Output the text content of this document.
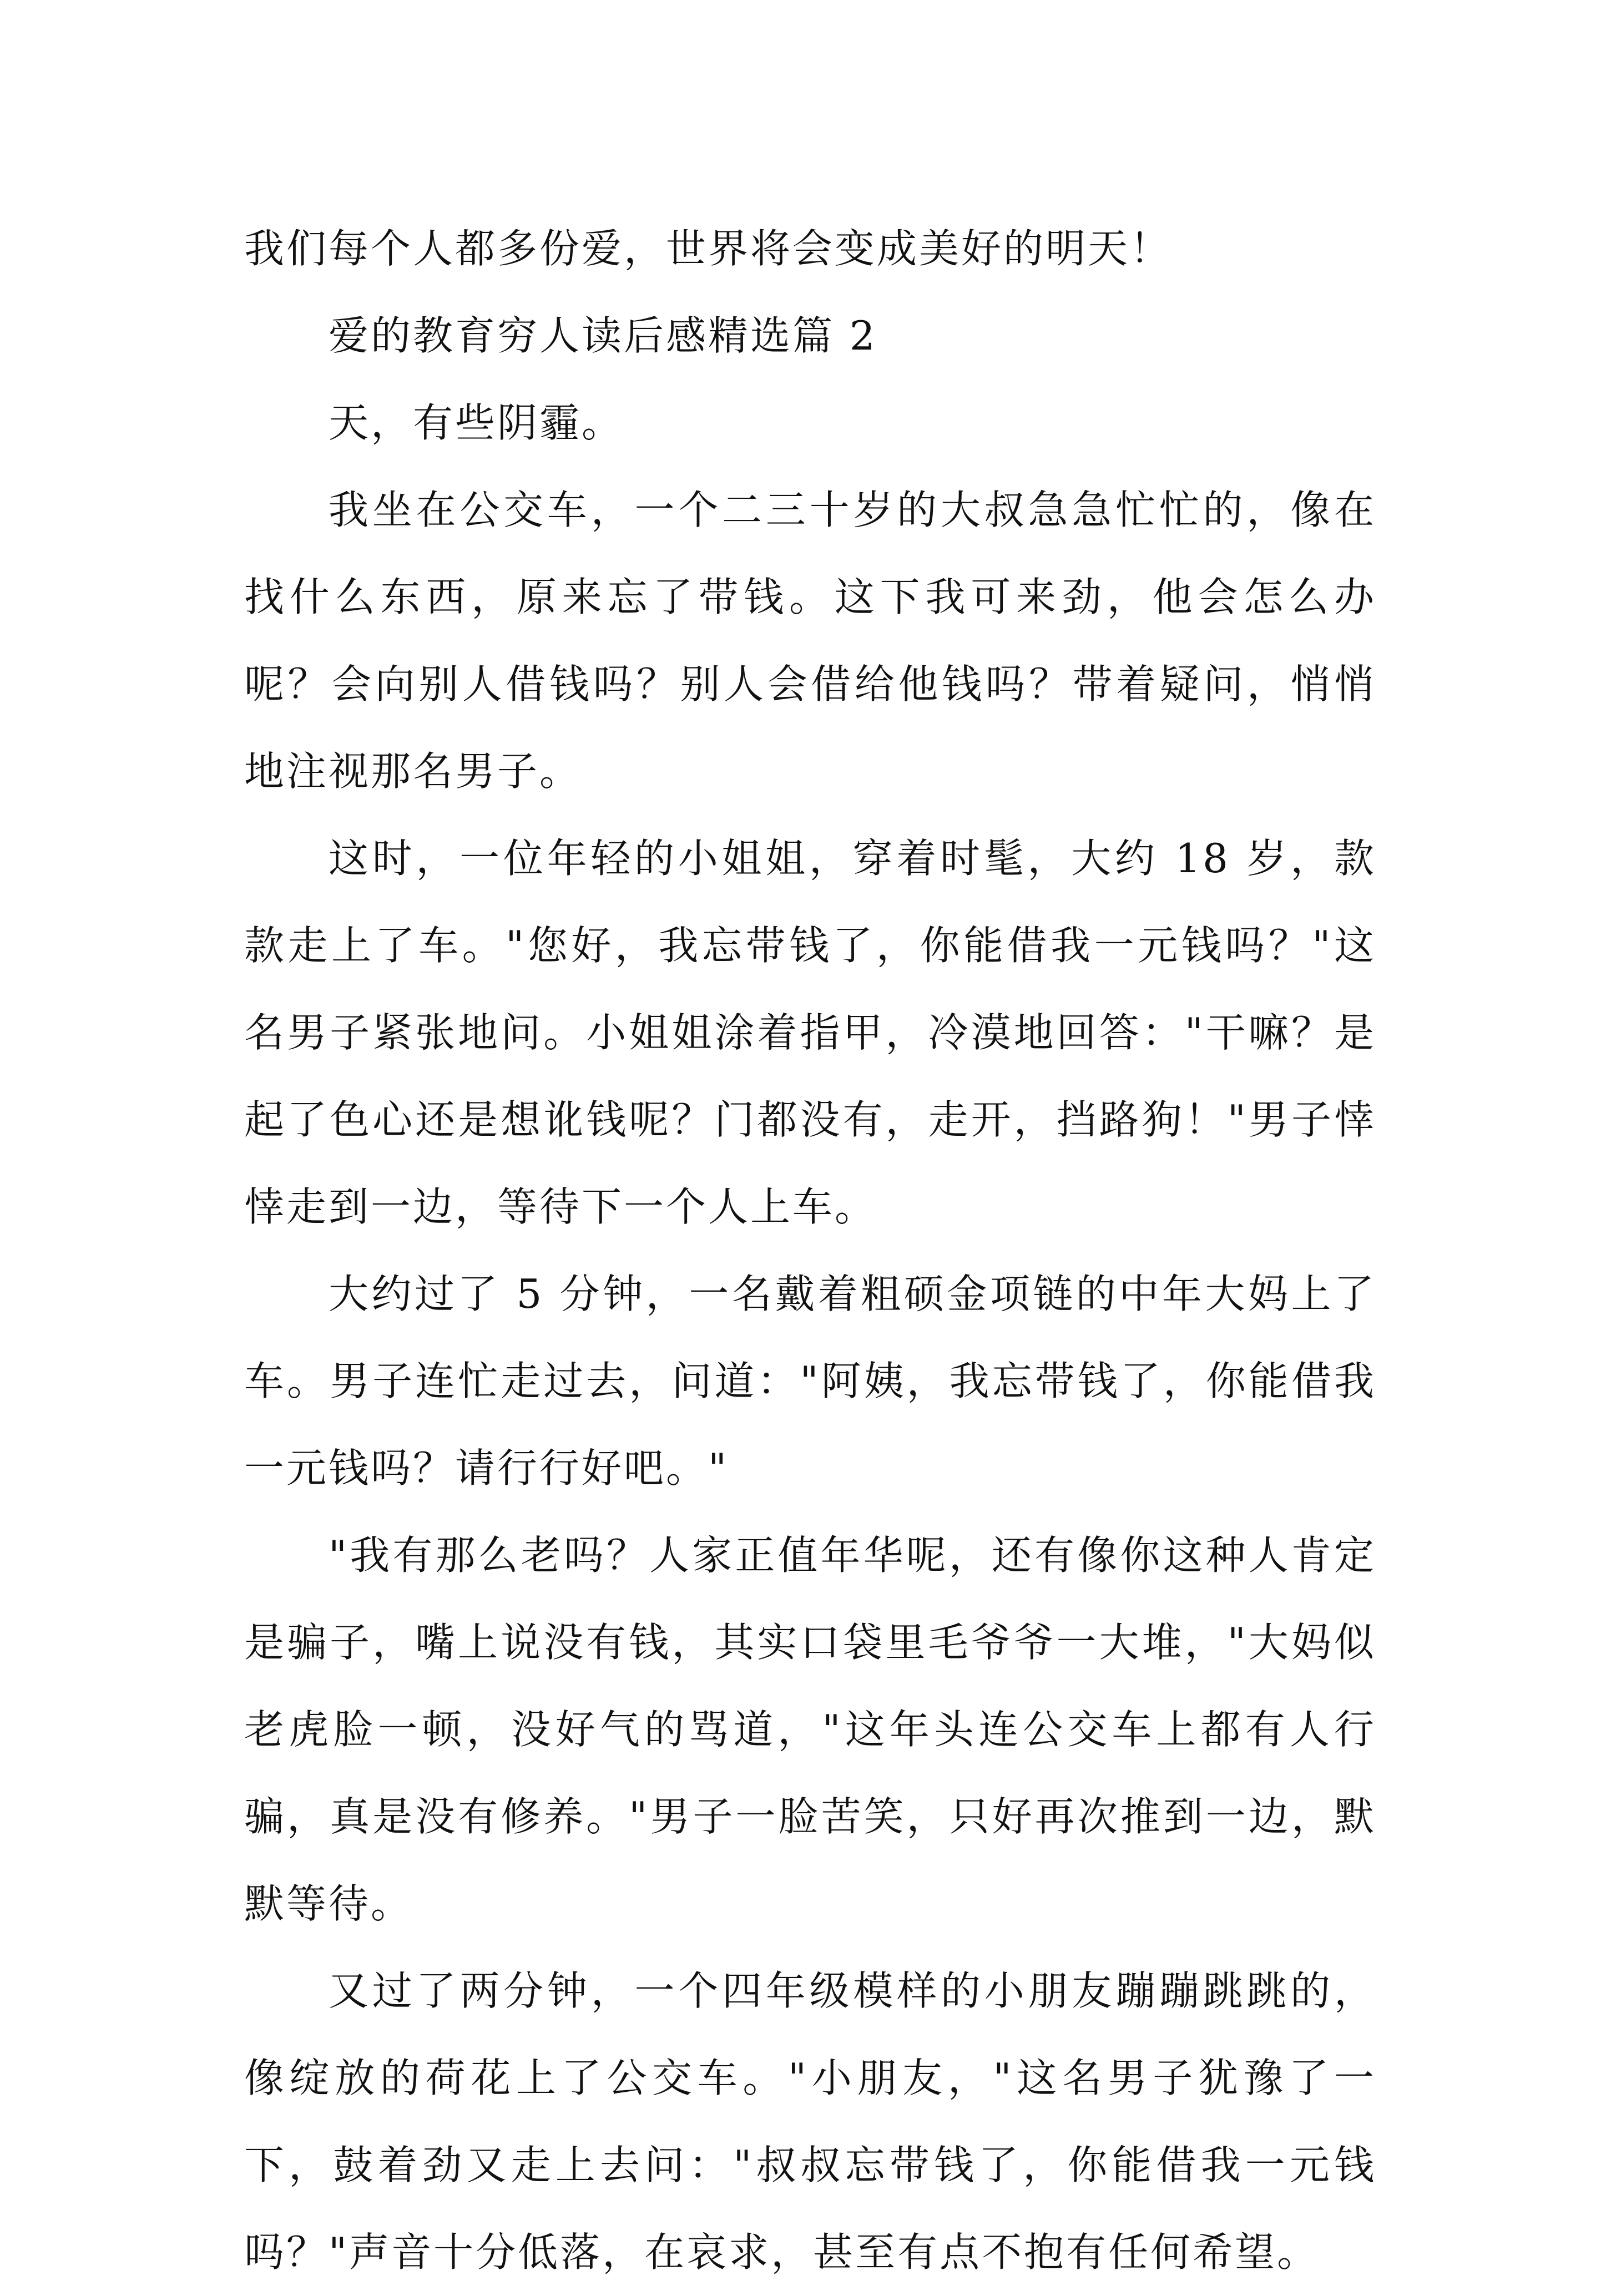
我们每个人都多份爱，世界将会变成美好的明天！

爱的教育穷人读后感精选篇 2

天，有些阴霾。

我坐在公交车，一个二三十岁的大叔急急忙忙的，像在找什么东西，原来忘了带钱。这下我可来劲，他会怎么办呢？会向别人借钱吗？别人会借给他钱吗？带着疑问，悄悄地注视那名男子。

这时，一位年轻的小姐姐，穿着时髦，大约 18 岁，款款走上了车。"您好，我忘带钱了，你能借我一元钱吗？"这名男子紧张地问。小姐姐涂着指甲，冷漠地回答："干嘛？是起了色心还是想讹钱呢？门都没有，走开，挡路狗！"男子悻悻走到一边，等待下一个人上车。

大约过了 5 分钟，一名戴着粗硕金项链的中年大妈上了车。男子连忙走过去，问道："阿姨，我忘带钱了，你能借我一元钱吗？请行行好吧。"

"我有那么老吗？人家正值年华呢，还有像你这种人肯定是骗子，嘴上说没有钱，其实口袋里毛爷爷一大堆，"大妈似老虎脸一顿，没好气的骂道，"这年头连公交车上都有人行骗，真是没有修养。"男子一脸苦笑，只好再次推到一边，默默等待。

又过了两分钟，一个四年级模样的小朋友蹦蹦跳跳的，像绽放的荷花上了公交车。"小朋友，"这名男子犹豫了一下，鼓着劲又走上去问："叔叔忘带钱了，你能借我一元钱吗？"声音十分低落，在哀求，甚至有点不抱有任何希望。
